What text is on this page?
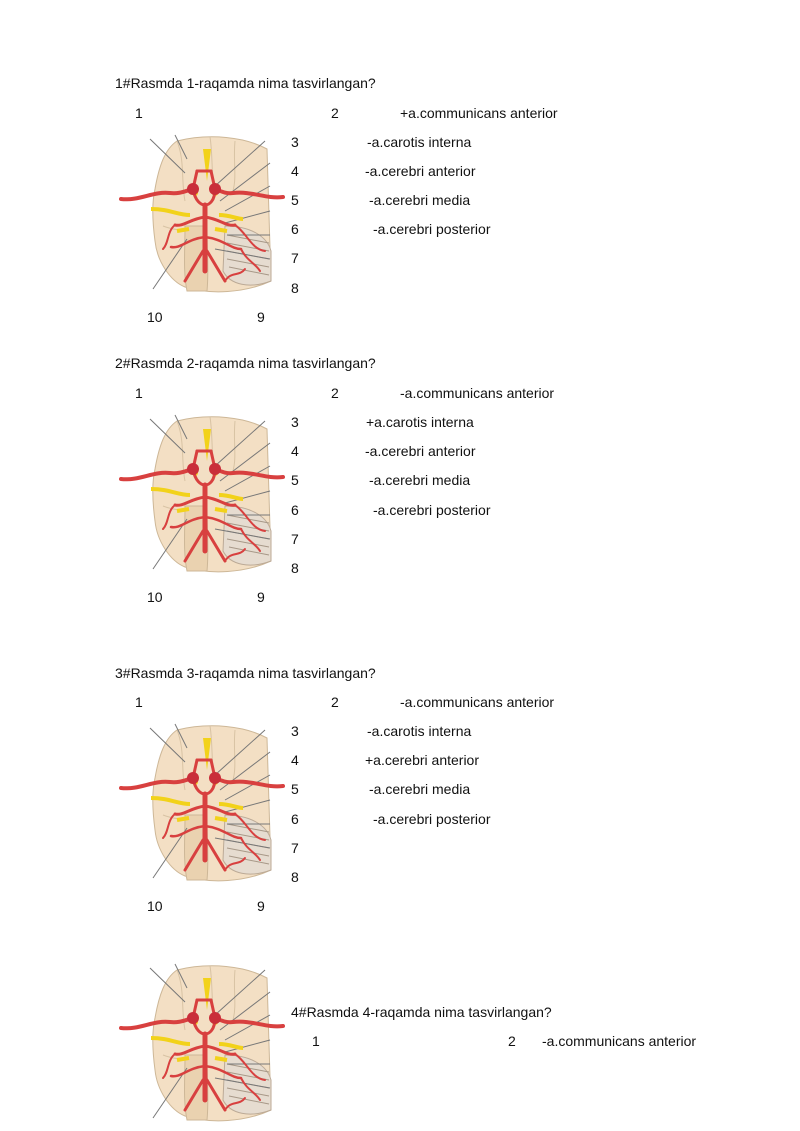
1#Rasmda 1-raqamda nima tasvirlangan?
1	2
3
4
5
6
7
8
10	9
+a.communicans anterior
-a.carotis interna
-a.cerebri anterior
-a.cerebri media
-a.cerebri posterior
2#Rasmda 2-raqamda nima tasvirlangan?
1	2
3
4
5
6
7
8
10	9
-a.communicans anterior
+a.carotis interna
-a.cerebri anterior
-a.cerebri media
-a.cerebri posterior
3#Rasmda 3-raqamda nima tasvirlangan?
1	2
3
4
5
6
7
8
10	9
-a.communicans anterior
-a.carotis interna
+a.cerebri anterior
-a.cerebri media
-a.cerebri posterior
4#Rasmda 4-raqamda nima tasvirlangan?
1	2 -a.communicans anterior
